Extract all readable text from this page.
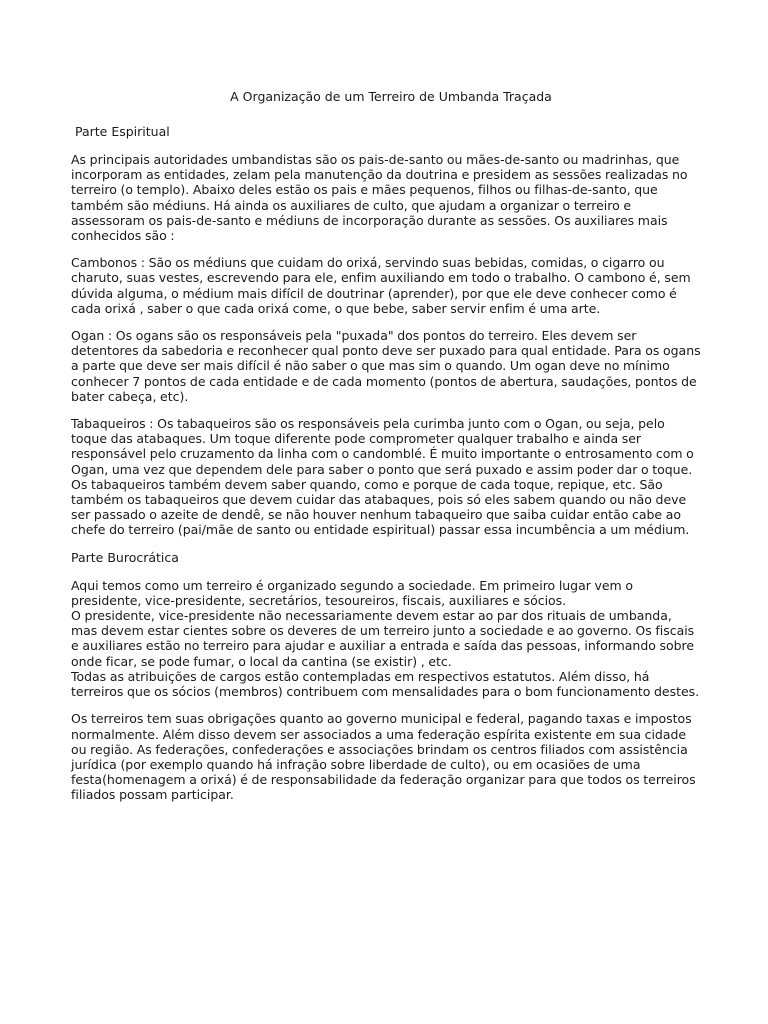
A Organização de um Terreiro de Umbanda Traçada
Parte Espiritual
As principais autoridades umbandistas são os pais-de-santo ou mães-de-santo ou madrinhas, que
incorporam as entidades, zelam pela manutenção da doutrina e presidem as sessões realizadas no
terreiro (o templo). Abaixo deles estão os pais e mães pequenos, filhos ou filhas-de-santo, que
também são médiuns. Há ainda os auxiliares de culto, que ajudam a organizar o terreiro e
assessoram os pais-de-santo e médiuns de incorporação durante as sessões. Os auxiliares mais
conhecidos são :
Cambonos : São os médiuns que cuidam do orixá, servindo suas bebidas, comidas, o cigarro ou
charuto, suas vestes, escrevendo para ele, enfim auxiliando em todo o trabalho. O cambono é, sem
dúvida alguma, o médium mais difícil de doutrinar (aprender), por que ele deve conhecer como é
cada orixá , saber o que cada orixá come, o que bebe, saber servir enfim é uma arte.
Ogan : Os ogans são os responsáveis pela "puxada" dos pontos do terreiro. Eles devem ser
detentores da sabedoria e reconhecer qual ponto deve ser puxado para qual entidade. Para os ogans
a parte que deve ser mais difícil é não saber o que mas sim o quando. Um ogan deve no mínimo
conhecer 7 pontos de cada entidade e de cada momento (pontos de abertura, saudações, pontos de
bater cabeça, etc).
Tabaqueiros : Os tabaqueiros são os responsáveis pela curimba junto com o Ogan, ou seja, pelo
toque das atabaques. Um toque diferente pode comprometer qualquer trabalho e ainda ser
responsável pelo cruzamento da linha com o candomblé. É muito importante o entrosamento com o
Ogan, uma vez que dependem dele para saber o ponto que será puxado e assim poder dar o toque.
Os tabaqueiros também devem saber quando, como e porque de cada toque, repique, etc. São
também os tabaqueiros que devem cuidar das atabaques, pois só eles sabem quando ou não deve
ser passado o azeite de dendê, se não houver nenhum tabaqueiro que saiba cuidar então cabe ao
chefe do terreiro (pai/mãe de santo ou entidade espiritual) passar essa incumbência a um médium.
Parte Burocrática
Aqui temos como um terreiro é organizado segundo a sociedade. Em primeiro lugar vem o
presidente, vice-presidente, secretários, tesoureiros, fiscais, auxiliares e sócios.
O presidente, vice-presidente não necessariamente devem estar ao par dos rituais de umbanda,
mas devem estar cientes sobre os deveres de um terreiro junto a sociedade e ao governo. Os fiscais
e auxiliares estão no terreiro para ajudar e auxiliar a entrada e saída das pessoas, informando sobre
onde ficar, se pode fumar, o local da cantina (se existir) , etc.
Todas as atribuições de cargos estão contempladas em respectivos estatutos. Além disso, há
terreiros que os sócios (membros) contribuem com mensalidades para o bom funcionamento destes.
Os terreiros tem suas obrigações quanto ao governo municipal e federal, pagando taxas e impostos
normalmente. Além disso devem ser associados a uma federação espírita existente em sua cidade
ou região. As federações, confederações e associações brindam os centros filiados com assistência
jurídica (por exemplo quando há infração sobre liberdade de culto), ou em ocasiões de uma
festa(homenagem a orixá) é de responsabilidade da federação organizar para que todos os terreiros
filiados possam participar.
